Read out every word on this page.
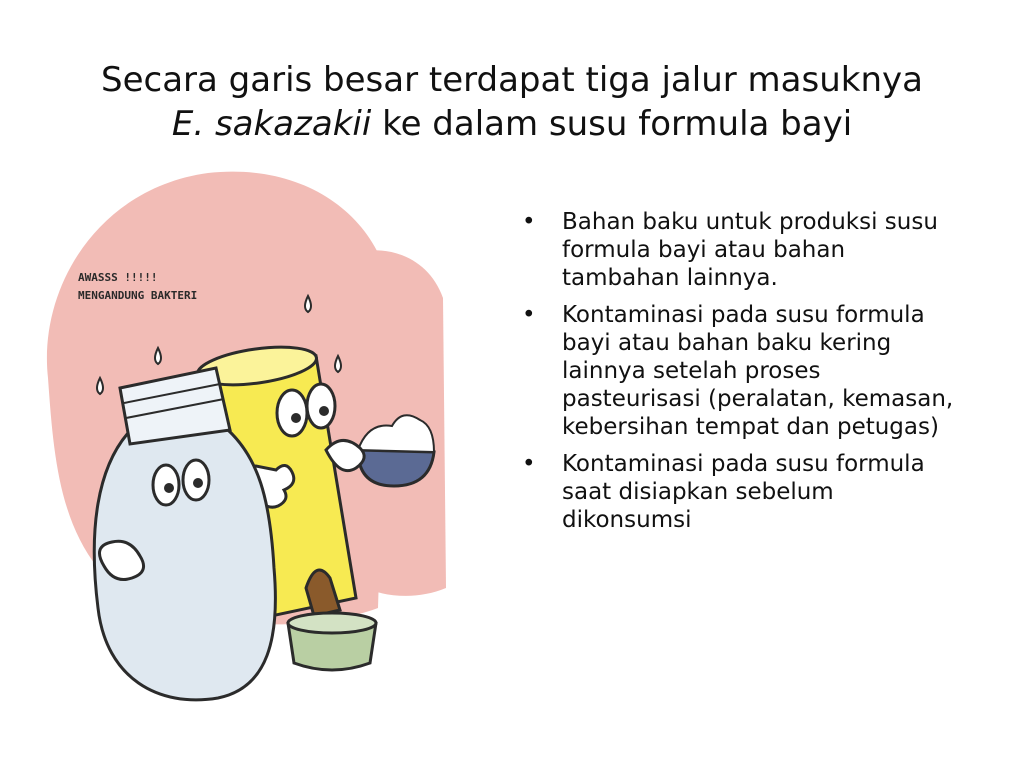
Secara garis besar terdapat tiga jalur masuknya
E. sakazakii ke dalam susu formula bayi
AWASSS !!!!!
MENGANDUNG BAKTERI
• Bahan baku untuk produksi susu formula bayi atau bahan tambahan lainnya.
• Kontaminasi pada susu formula bayi atau bahan baku kering lainnya setelah proses pasteurisasi (peralatan, kemasan, kebersihan tempat dan petugas)
• Kontaminasi pada susu formula saat disiapkan sebelum dikonsumsi
